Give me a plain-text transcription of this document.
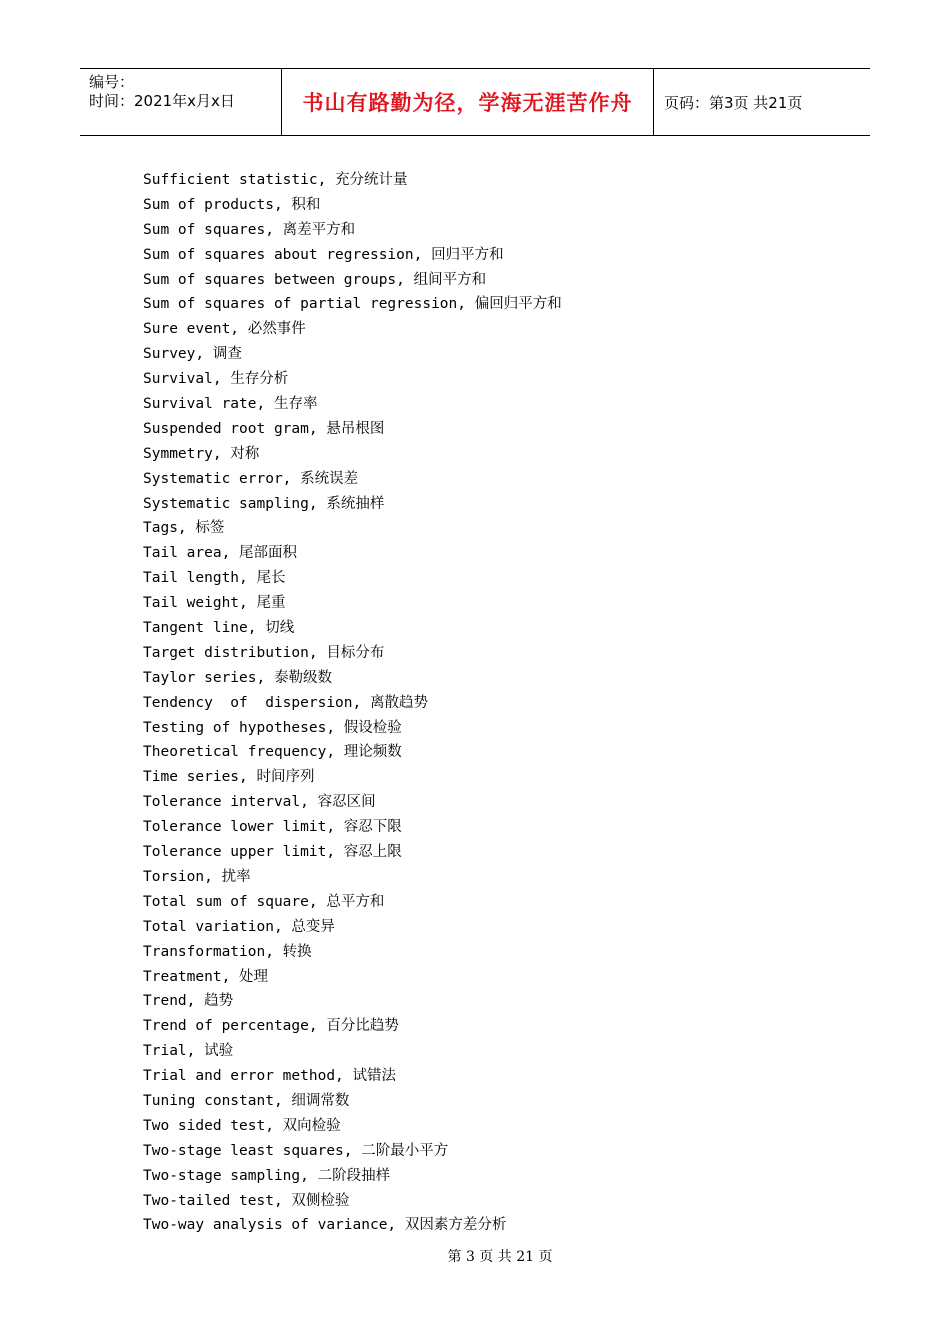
编号：
时间：2021年x月x日	书山有路勤为径，学海无涯苦作舟 页码：第3页 共21页
Sufficient statistic, 充分统计量
Sum of products, 积和
Sum of squares, 离差平方和
Sum of squares about regression, 回归平方和
Sum of squares between groups, 组间平方和
Sum of squares of partial regression, 偏回归平方和
Sure event, 必然事件
Survey, 调查
Survival, 生存分析
Survival rate, 生存率
Suspended root gram, 悬吊根图
Symmetry, 对称
Systematic error, 系统误差
Systematic sampling, 系统抽样
Tags, 标签
Tail area, 尾部面积
Tail length, 尾长
Tail weight, 尾重
Tangent line, 切线
Target distribution, 目标分布
Taylor series, 泰勒级数
Tendency  of  dispersion, 离散趋势
Testing of hypotheses, 假设检验
Theoretical frequency, 理论频数
Time series, 时间序列
Tolerance interval, 容忍区间
Tolerance lower limit, 容忍下限
Tolerance upper limit, 容忍上限
Torsion, 扰率
Total sum of square, 总平方和
Total variation, 总变异
Transformation, 转换
Treatment, 处理
Trend, 趋势
Trend of percentage, 百分比趋势
Trial, 试验
Trial and error method, 试错法
Tuning constant, 细调常数
Two sided test, 双向检验
Two-stage least squares, 二阶最小平方
Two-stage sampling, 二阶段抽样
Two-tailed test, 双侧检验
Two-way analysis of variance, 双因素方差分析
第 3 页 共 21 页
